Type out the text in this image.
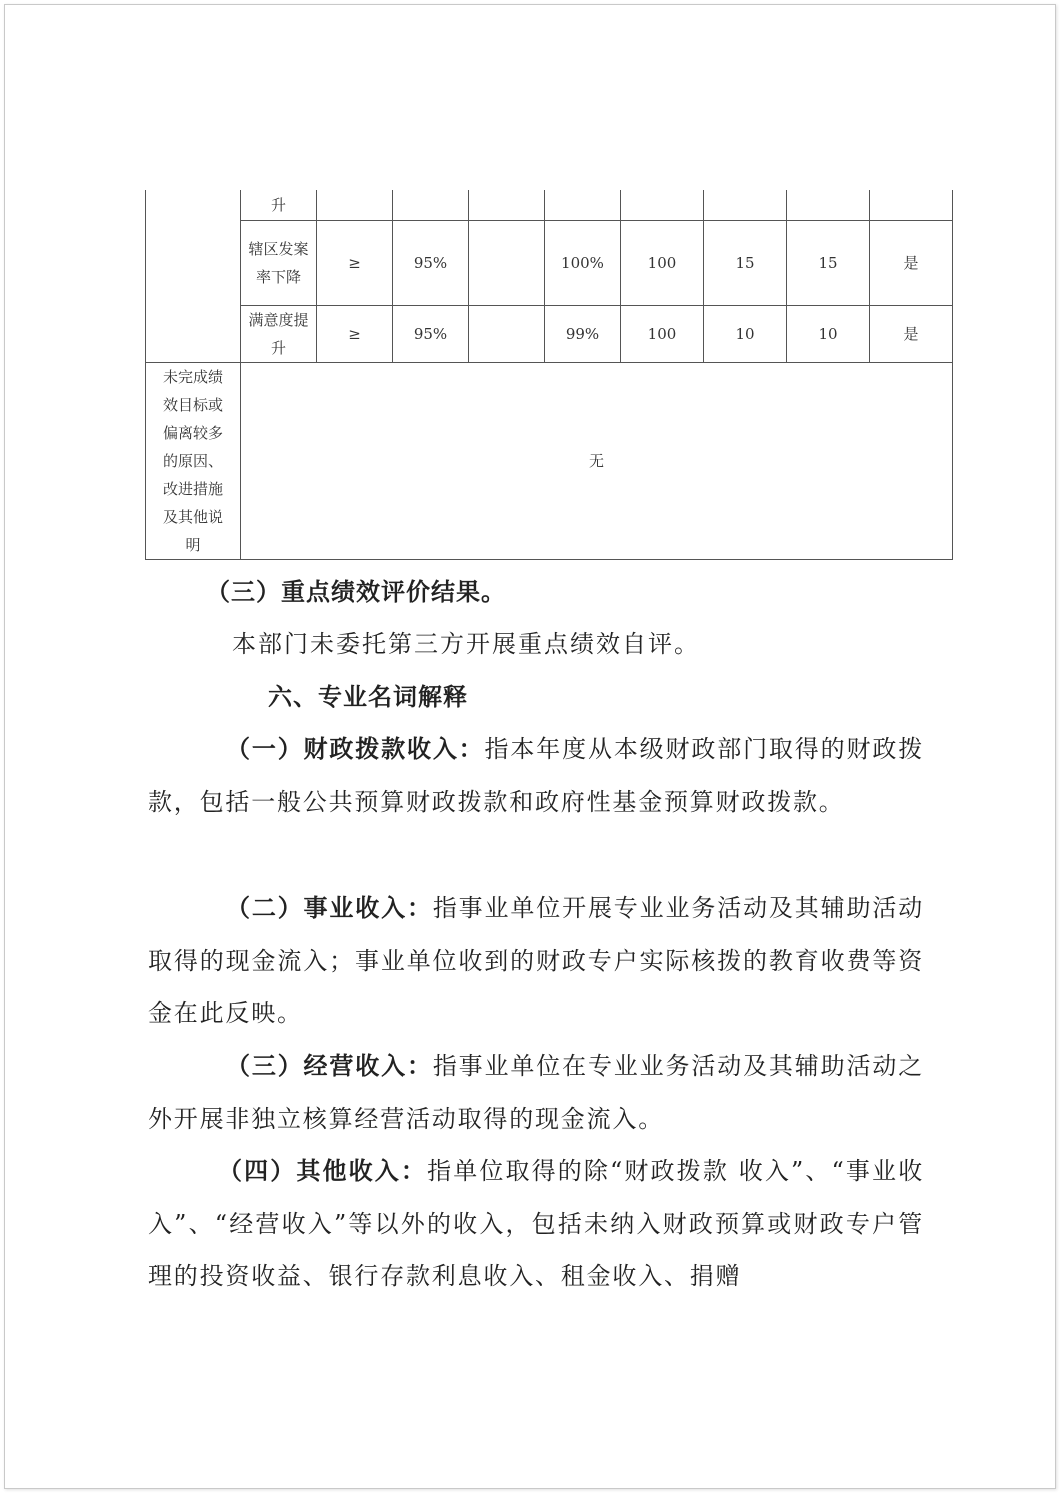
	升								
	辖区发案率下降	≥	95%		100%	100	15	15	是
	满意度提升	≥	95%		99%	100	10	10	是
未完成绩效目标或偏离较多的原因、改进措施及其他说明	无								

（三）重点绩效评价结果。

本部门未委托第三方开展重点绩效自评。

六、专业名词解释

（一）财政拨款收入：指本年度从本级财政部门取得的财政拨款，包括一般公共预算财政拨款和政府性基金预算财政拨款。

（二）事业收入：指事业单位开展专业业务活动及其辅助活动取得的现金流入；事业单位收到的财政专户实际核拨的教育收费等资金在此反映。

（三）经营收入：指事业单位在专业业务活动及其辅助活动之外开展非独立核算经营活动取得的现金流入。

（四）其他收入：指单位取得的除“财政拨款 收入”、“事业收入”、“经营收入”等以外的收入，包括未纳入财政预算或财政专户管理的投资收益、银行存款利息收入、租金收入、捐赠
